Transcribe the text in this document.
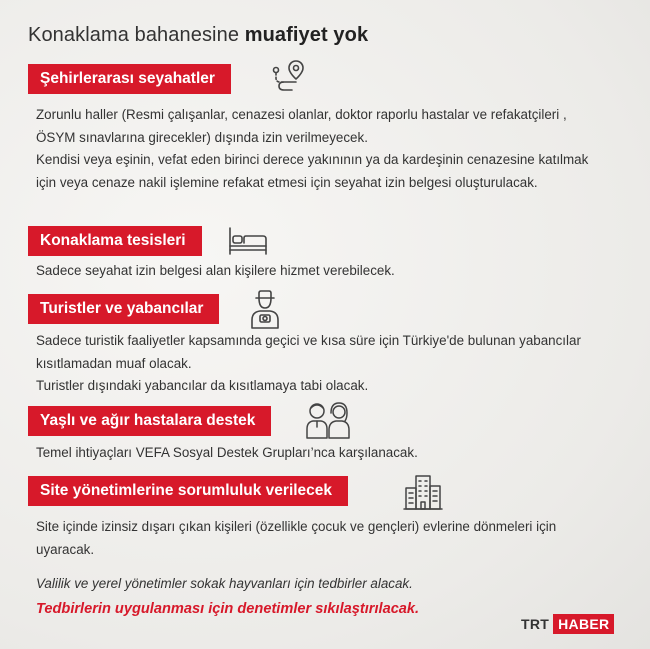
Konaklama bahanesine muafiyet yok
Şehirlerarası seyahatler

Zorunlu haller (Resmi çalışanlar, cenazesi olanlar, doktor raporlu hastalar ve refakatçileri , ÖSYM sınavlarına girecekler) dışında izin verilmeyecek.

Kendisi veya eşinin, vefat eden birinci derece yakınının ya da kardeşinin cenazesine katılmak için veya cenaze nakil işlemine refakat etmesi için seyahat izin belgesi oluşturulacak.

Konaklama tesisleri

Sadece seyahat izin belgesi alan kişilere hizmet verebilecek.

Turistler ve yabancılar

Sadece turistik faaliyetler kapsamında geçici ve kısa süre için Türkiye'de bulunan yabancılar kısıtlamadan muaf olacak.

Turistler dışındaki yabancılar da kısıtlamaya tabi olacak.

Yaşlı ve ağır hastalara destek

Temel ihtiyaçları VEFA Sosyal Destek Grupları’nca karşılanacak.

Site yönetimlerine sorumluluk verilecek

Site içinde izinsiz dışarı çıkan kişileri (özellikle çocuk ve gençleri) evlerine dönmeleri için uyaracak.

Valilik ve yerel yönetimler sokak hayvanları için tedbirler alacak.
Tedbirlerin uygulanması için denetimler sıkılaştırılacak.
TRT HABER
